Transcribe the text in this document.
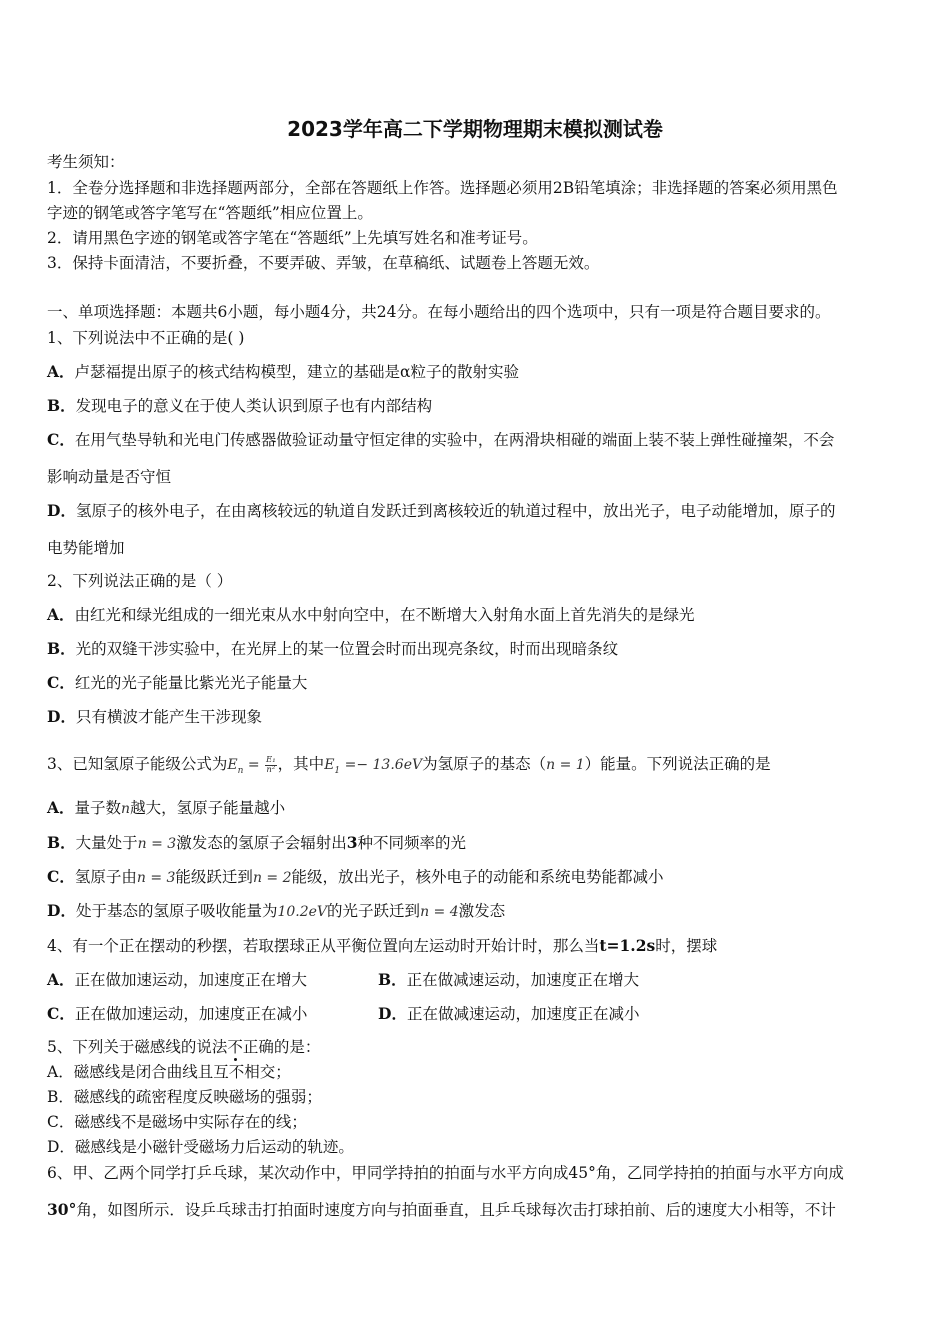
2023学年高二下学期物理期末模拟测试卷
考生须知：
1．全卷分选择题和非选择题两部分，全部在答题纸上作答。选择题必须用2B铅笔填涂；非选择题的答案必须用黑色
字迹的钢笔或答字笔写在“答题纸”相应位置上。
2．请用黑色字迹的钢笔或答字笔在“答题纸”上先填写姓名和准考证号。
3．保持卡面清洁，不要折叠，不要弄破、弄皱，在草稿纸、试题卷上答题无效。
一、单项选择题：本题共6小题，每小题4分，共24分。在每小题给出的四个选项中，只有一项是符合题目要求的。
1、下列说法中不正确的是( )
A．卢瑟福提出原子的核式结构模型，建立的基础是α粒子的散射实验
B．发现电子的意义在于使人类认识到原子也有内部结构
C．在用气垫导轨和光电门传感器做验证动量守恒定律的实验中，在两滑块相碰的端面上装不装上弹性碰撞架，不会
影响动量是否守恒
D．氢原子的核外电子，在由离核较远的轨道自发跃迁到离核较近的轨道过程中，放出光子，电子动能增加，原子的
电势能增加
2、下列说法正确的是（ ）
A．由红光和绿光组成的一细光束从水中射向空中，在不断增大入射角水面上首先消失的是绿光
B．光的双缝干涉实验中，在光屏上的某一位置会时而出现亮条纹，时而出现暗条纹
C．红光的光子能量比紫光光子能量大
D．只有横波才能产生干涉现象
3、已知氢原子能级公式为$E_n = \frac{\text{E₁}}{\text{n²}}$ ，其中$E_1 =- 13.6eV$为氢原子的基态（n = 1）能量。下列说法正确的是
A．量子数n越大，氢原子能量越小
B．大量处于n = 3激发态的氢原子会辐射出3种不同频率的光
C．氢原子由n = 3能级跃迁到n = 2能级，放出光子，核外电子的动能和系统电势能都减小
D．处于基态的氢原子吸收能量为10.2eV的光子跃迁到n = 4激发态
4、有一个正在摆动的秒摆，若取摆球正从平衡位置向左运动时开始计时，那么当t=1.2s时，摆球
A．正在做加速运动，加速度正在增大	B．正在做减速运动，加速度正在增大
C．正在做加速运动，加速度正在减小	D．正在做减速运动，加速度正在减小
5、下列关于磁感线的说法不正确的是：
A．磁感线是闭合曲线且互不相交；
B．磁感线的疏密程度反映磁场的强弱；
C．磁感线不是磁场中实际存在的线；
D．磁感线是小磁针受磁场力后运动的轨迹。
6、甲、乙两个同学打乒乓球，某次动作中，甲同学持拍的拍面与水平方向成45°角，乙同学持拍的拍面与水平方向成
30°角，如图所示．设乒乓球击打拍面时速度方向与拍面垂直，且乒乓球每次击打球拍前、后的速度大小相等，不计
